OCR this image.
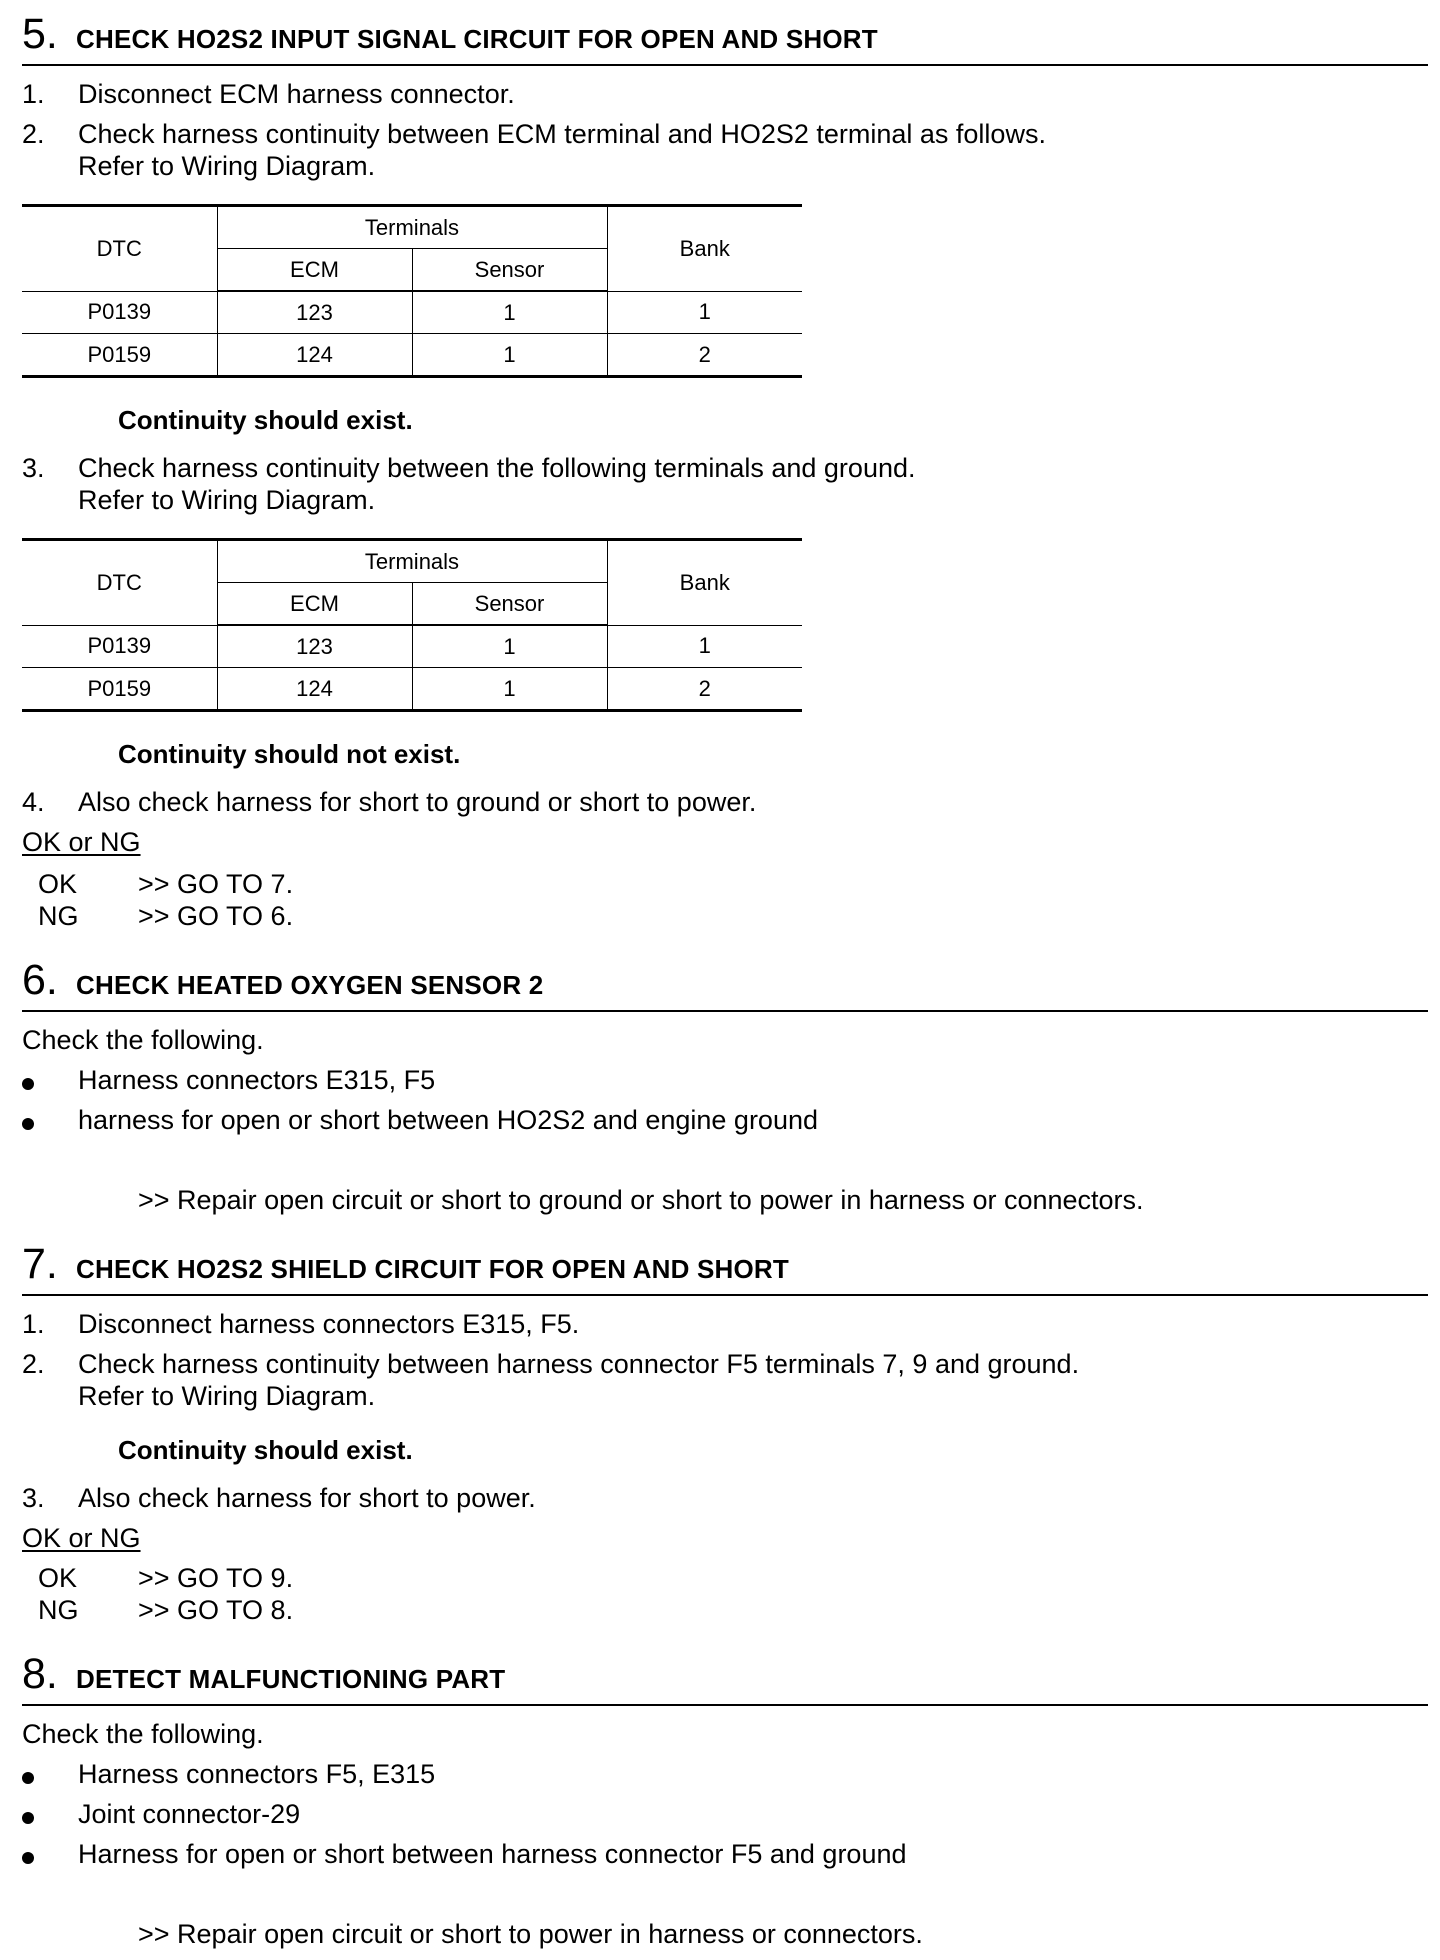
5. CHECK HO2S2 INPUT SIGNAL CIRCUIT FOR OPEN AND SHORT
1. Disconnect ECM harness connector.
2. Check harness continuity between ECM terminal and HO2S2 terminal as follows.
Refer to Wiring Diagram.
DTC	Terminals		Bank
	ECM	Sensor	
P0139	123	1	1
P0159	124	1	2
Continuity should exist.
3. Check harness continuity between the following terminals and ground.
Refer to Wiring Diagram.
DTC	Terminals		Bank
	ECM	Sensor	
P0139	123	1	1
P0159	124	1	2
Continuity should not exist.
4. Also check harness for short to ground or short to power.
OK or NG
OK >> GO TO 7.
NG >> GO TO 6.
6. CHECK HEATED OXYGEN SENSOR 2
Check the following.
Harness connectors E315, F5
harness for open or short between HO2S2 and engine ground
>> Repair open circuit or short to ground or short to power in harness or connectors.
7. CHECK HO2S2 SHIELD CIRCUIT FOR OPEN AND SHORT
1. Disconnect harness connectors E315, F5.
2. Check harness continuity between harness connector F5 terminals 7, 9 and ground.
Refer to Wiring Diagram.
Continuity should exist.
3. Also check harness for short to power.
OK or NG
OK >> GO TO 9.
NG >> GO TO 8.
8. DETECT MALFUNCTIONING PART
Check the following.
Harness connectors F5, E315
Joint connector-29
Harness for open or short between harness connector F5 and ground
>> Repair open circuit or short to power in harness or connectors.
